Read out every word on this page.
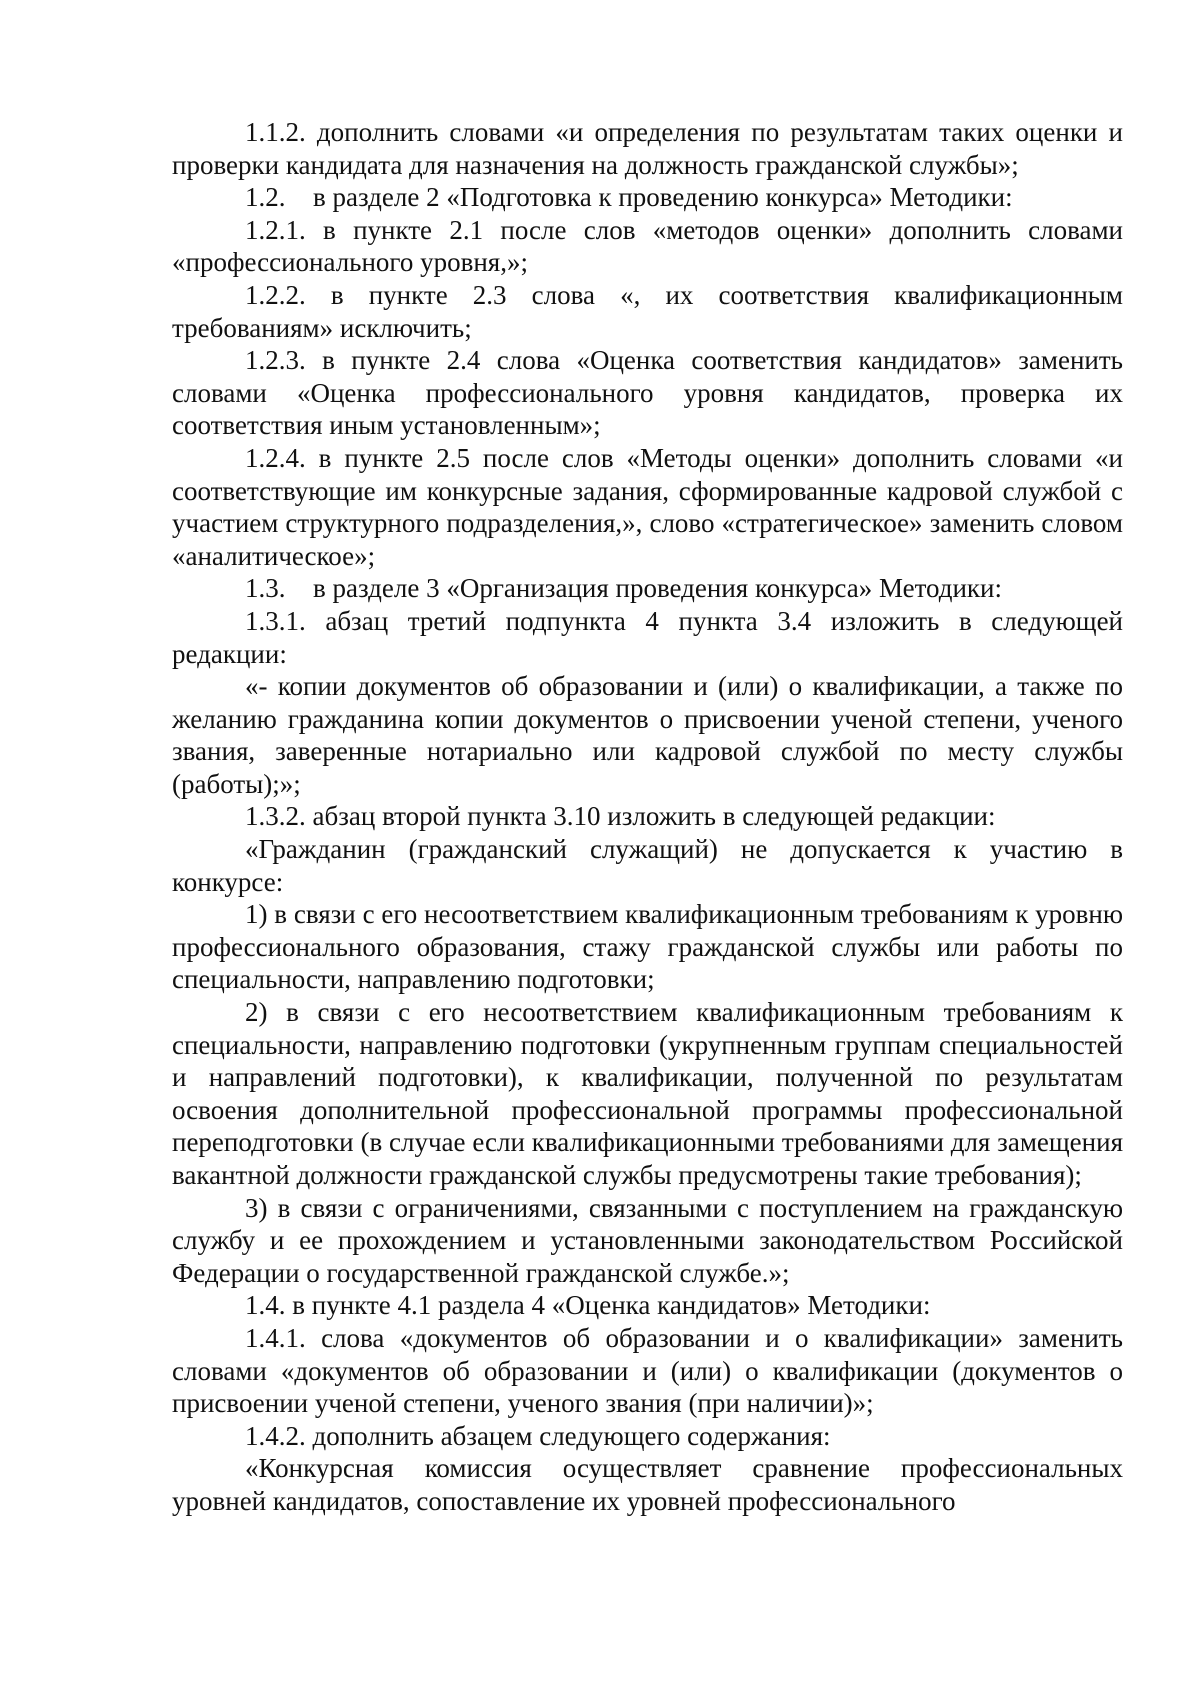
1.1.2. дополнить словами «и определения по результатам таких оценки и проверки кандидата для назначения на должность гражданской службы»;

1.2. в разделе 2 «Подготовка к проведению конкурса» Методики:

1.2.1. в пункте 2.1 после слов «методов оценки» дополнить словами «профессионального уровня,»;

1.2.2. в пункте 2.3 слова «, их соответствия квалификационным требованиям» исключить;

1.2.3. в пункте 2.4 слова «Оценка соответствия кандидатов» заменить словами «Оценка профессионального уровня кандидатов, проверка их соответствия иным установленным»;

1.2.4. в пункте 2.5 после слов «Методы оценки» дополнить словами «и соответствующие им конкурсные задания, сформированные кадровой службой с участием структурного подразделения,», слово «стратегическое» заменить словом «аналитическое»;

1.3. в разделе 3 «Организация проведения конкурса» Методики:

1.3.1. абзац третий подпункта 4 пункта 3.4 изложить в следующей редакции:

«- копии документов об образовании и (или) о квалификации, а также по желанию гражданина копии документов о присвоении ученой степени, ученого звания, заверенные нотариально или кадровой службой по месту службы (работы);»;

1.3.2. абзац второй пункта 3.10 изложить в следующей редакции:

«Гражданин (гражданский служащий) не допускается к участию в конкурсе:

1) в связи с его несоответствием квалификационным требованиям к уровню профессионального образования, стажу гражданской службы или работы по специальности, направлению подготовки;

2) в связи с его несоответствием квалификационным требованиям к специальности, направлению подготовки (укрупненным группам специальностей и направлений подготовки), к квалификации, полученной по результатам освоения дополнительной профессиональной программы профессиональной переподготовки (в случае если квалификационными требованиями для замещения вакантной должности гражданской службы предусмотрены такие требования);

3) в связи с ограничениями, связанными с поступлением на гражданскую службу и ее прохождением и установленными законодательством Российской Федерации о государственной гражданской службе.»;

1.4. в пункте 4.1 раздела 4 «Оценка кандидатов» Методики:

1.4.1. слова «документов об образовании и о квалификации» заменить словами «документов об образовании и (или) о квалификации (документов о присвоении ученой степени, ученого звания (при наличии)»;

1.4.2. дополнить абзацем следующего содержания:

«Конкурсная комиссия осуществляет сравнение профессиональных уровней кандидатов, сопоставление их уровней профессионального
